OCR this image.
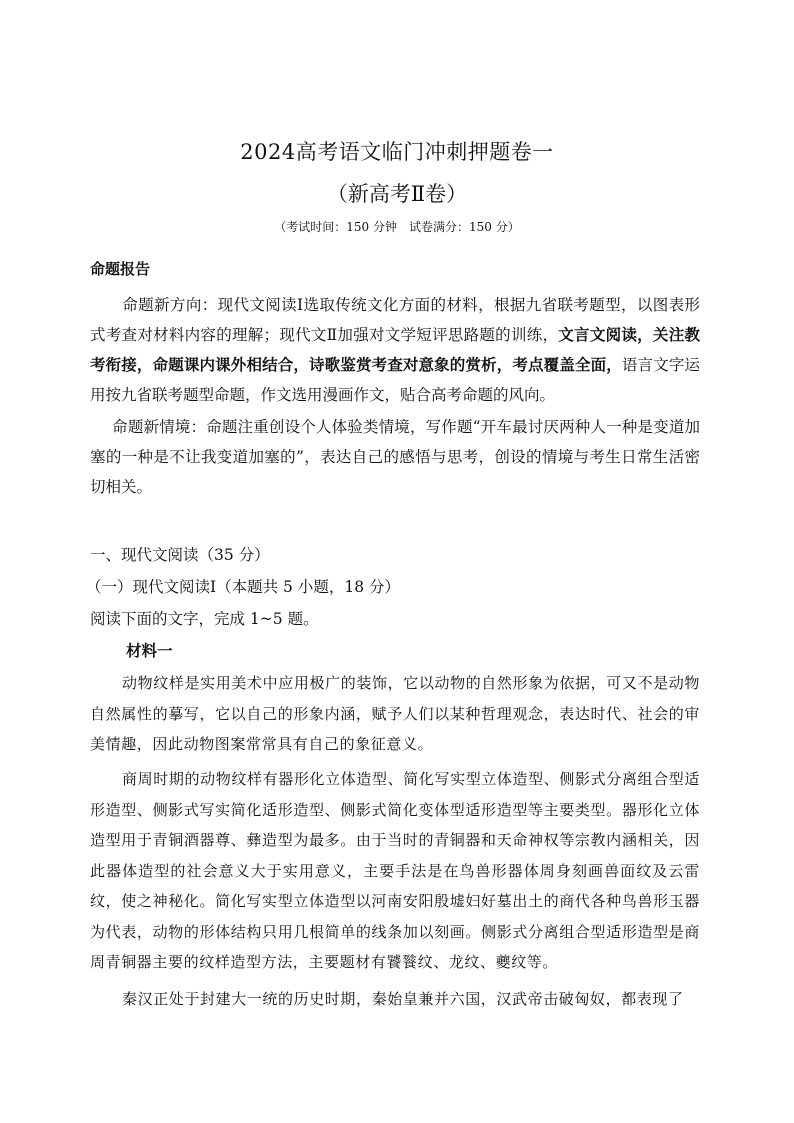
2024高考语文临门冲刺押题卷一
（新高考Ⅱ卷）
（考试时间：150 分钟　试卷满分：150 分）
命题报告

命题新方向：现代文阅读Ⅰ选取传统文化方面的材料，根据九省联考题型，以图表形式考查对材料内容的理解；现代文Ⅱ加强对文学短评思路题的训练，文言文阅读，关注教考衔接，命题课内课外相结合，诗歌鉴赏考查对意象的赏析，考点覆盖全面，语言文字运用按九省联考题型命题，作文选用漫画作文，贴合高考命题的风向。

命题新情境：命题注重创设个人体验类情境，写作题“开车最讨厌两种人一种是变道加塞的一种是不让我变道加塞的”，表达自己的感悟与思考，创设的情境与考生日常生活密切相关。

一、现代文阅读（35 分）
（一）现代文阅读Ⅰ（本题共 5 小题，18 分）
阅读下面的文字，完成 1~5 题。
材料一

动物纹样是实用美术中应用极广的装饰，它以动物的自然形象为依据，可又不是动物自然属性的摹写，它以自己的形象内涵，赋予人们以某种哲理观念，表达时代、社会的审美情趣，因此动物图案常常具有自己的象征意义。

商周时期的动物纹样有器形化立体造型、简化写实型立体造型、侧影式分离组合型适形造型、侧影式写实简化适形造型、侧影式简化变体型适形造型等主要类型。器形化立体造型用于青铜酒器尊、彝造型为最多。由于当时的青铜器和天命神权等宗教内涵相关，因此器体造型的社会意义大于实用意义，主要手法是在鸟兽形器体周身刻画兽面纹及云雷纹，使之神秘化。简化写实型立体造型以河南安阳殷墟妇好墓出土的商代各种鸟兽形玉器为代表，动物的形体结构只用几根简单的线条加以刻画。侧影式分离组合型适形造型是商周青铜器主要的纹样造型方法，主要题材有饕餮纹、龙纹、夔纹等。

秦汉正处于封建大一统的历史时期，秦始皇兼并六国，汉武帝击破匈奴，都表现了
